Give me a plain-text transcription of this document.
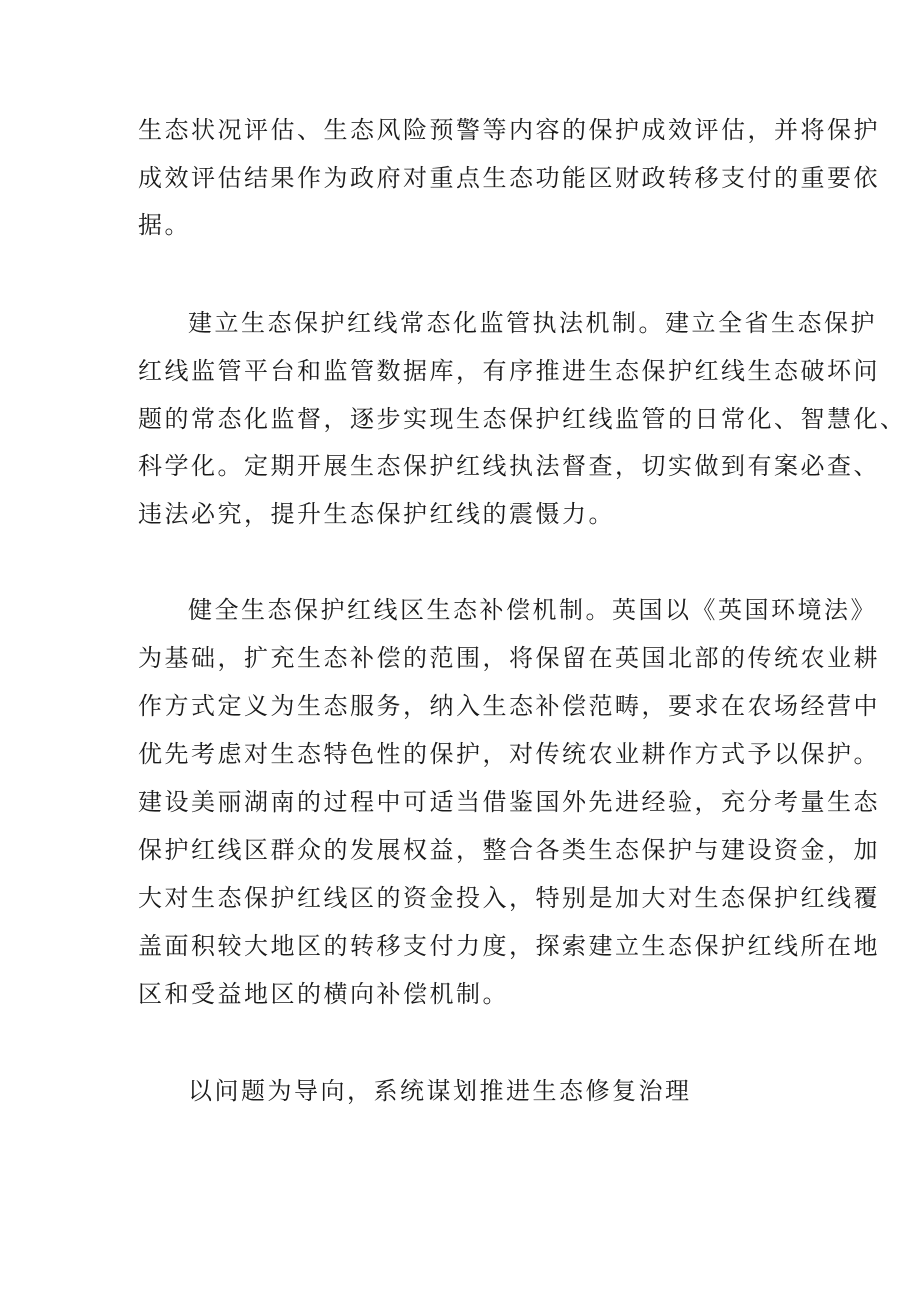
生态状况评估、生态风险预警等内容的保护成效评估，并将保护
成效评估结果作为政府对重点生态功能区财政转移支付的重要依
据。
建立生态保护红线常态化监管执法机制。建立全省生态保护
红线监管平台和监管数据库，有序推进生态保护红线生态破坏问
题的常态化监督，逐步实现生态保护红线监管的日常化、智慧化、
科学化。定期开展生态保护红线执法督查，切实做到有案必查、
违法必究，提升生态保护红线的震慑力。
健全生态保护红线区生态补偿机制。英国以《英国环境法》
为基础，扩充生态补偿的范围，将保留在英国北部的传统农业耕
作方式定义为生态服务，纳入生态补偿范畴，要求在农场经营中
优先考虑对生态特色性的保护，对传统农业耕作方式予以保护。
建设美丽湖南的过程中可适当借鉴国外先进经验，充分考量生态
保护红线区群众的发展权益，整合各类生态保护与建设资金，加
大对生态保护红线区的资金投入，特别是加大对生态保护红线覆
盖面积较大地区的转移支付力度，探索建立生态保护红线所在地
区和受益地区的横向补偿机制。
以问题为导向，系统谋划推进生态修复治理
